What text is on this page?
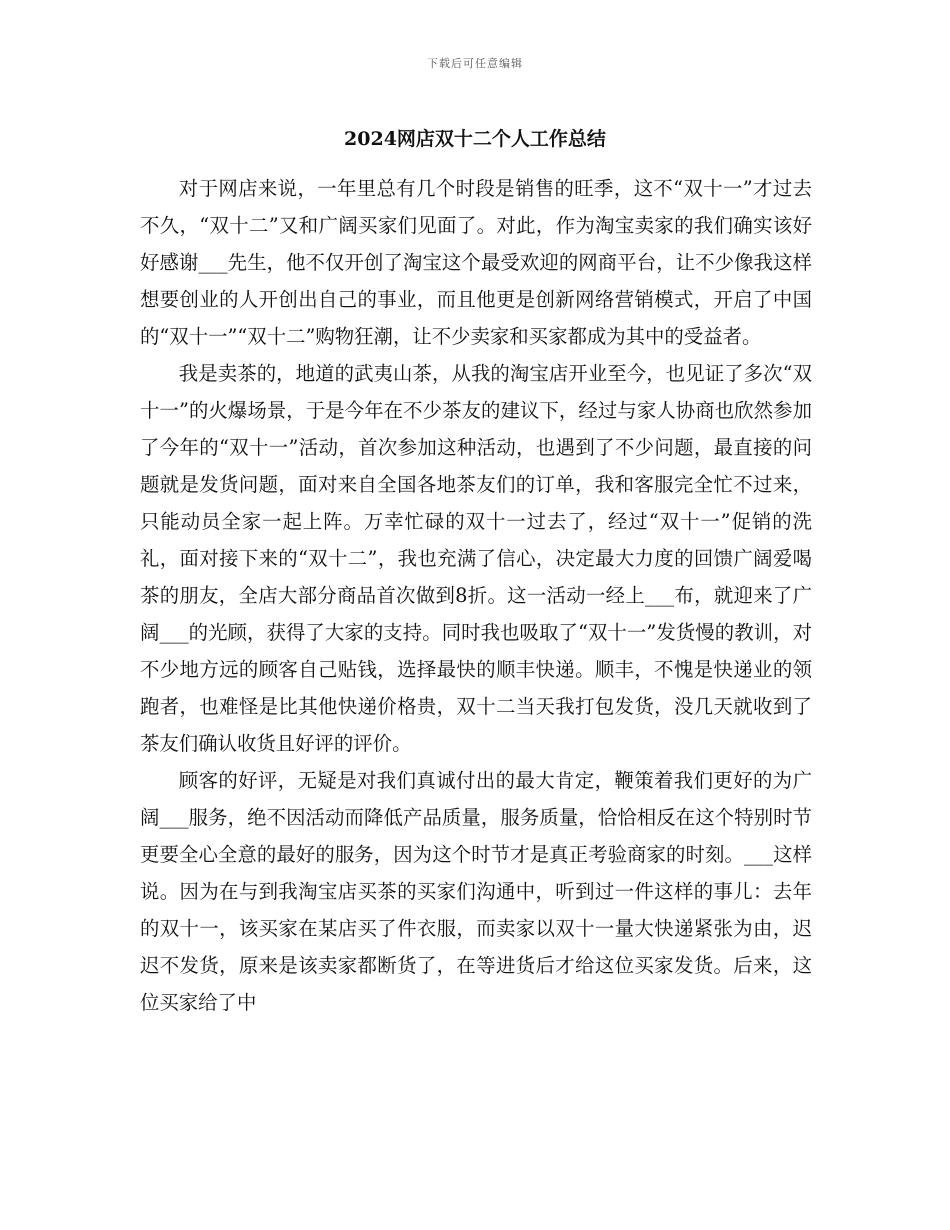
下载后可任意编辑
2024网店双十二个人工作总结

对于网店来说，一年里总有几个时段是销售的旺季，这不“双十一”才过去不久，“双十二”又和广阔买家们见面了。对此，作为淘宝卖家的我们确实该好好感谢___先生，他不仅开创了淘宝这个最受欢迎的网商平台，让不少像我这样想要创业的人开创出自己的事业，而且他更是创新网络营销模式，开启了中国的“双十一”“双十二”购物狂潮，让不少卖家和买家都成为其中的受益者。

我是卖茶的，地道的武夷山茶，从我的淘宝店开业至今，也见证了多次“双十一”的火爆场景，于是今年在不少茶友的建议下，经过与家人协商也欣然参加了今年的“双十一”活动，首次参加这种活动，也遇到了不少问题，最直接的问题就是发货问题，面对来自全国各地茶友们的订单，我和客服完全忙不过来，只能动员全家一起上阵。万幸忙碌的双十一过去了，经过“双十一”促销的洗礼，面对接下来的“双十二”，我也充满了信心，决定最大力度的回馈广阔爱喝茶的朋友，全店大部分商品首次做到8折。这一活动一经上___布，就迎来了广阔___的光顾，获得了大家的支持。同时我也吸取了“双十一”发货慢的教训，对不少地方远的顾客自己贴钱，选择最快的顺丰快递。顺丰，不愧是快递业的领跑者，也难怪是比其他快递价格贵，双十二当天我打包发货，没几天就收到了茶友们确认收货且好评的评价。

顾客的好评，无疑是对我们真诚付出的最大肯定，鞭策着我们更好的为广阔___服务，绝不因活动而降低产品质量，服务质量，恰恰相反在这个特别时节更要全心全意的最好的服务，因为这个时节才是真正考验商家的时刻。___这样说。因为在与到我淘宝店买茶的买家们沟通中，听到过一件这样的事儿：去年的双十一，该买家在某店买了件衣服，而卖家以双十一量大快递紧张为由，迟迟不发货，原来是该卖家都断货了，在等进货后才给这位买家发货。后来，这位买家给了中
